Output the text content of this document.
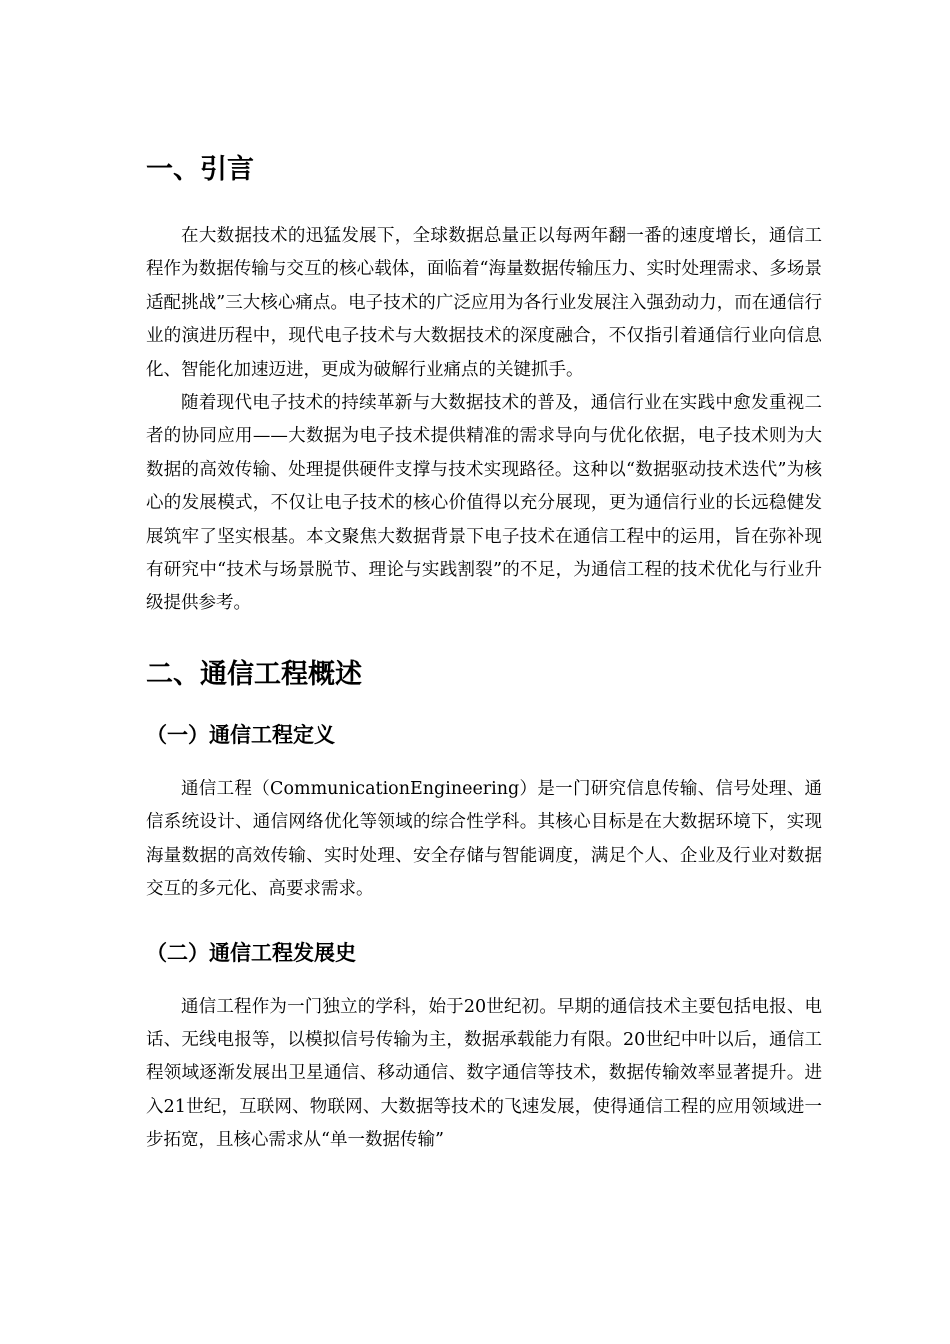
一、引言

在大数据技术的迅猛发展下，全球数据总量正以每两年翻一番的速度增长，通信工程作为数据传输与交互的核心载体，面临着“海量数据传输压力、实时处理需求、多场景适配挑战”三大核心痛点。电子技术的广泛应用为各行业发展注入强劲动力，而在通信行业的演进历程中，现代电子技术与大数据技术的深度融合，不仅指引着通信行业向信息化、智能化加速迈进，更成为破解行业痛点的关键抓手。

随着现代电子技术的持续革新与大数据技术的普及，通信行业在实践中愈发重视二者的协同应用——大数据为电子技术提供精准的需求导向与优化依据，电子技术则为大数据的高效传输、处理提供硬件支撑与技术实现路径。这种以“数据驱动技术迭代”为核心的发展模式，不仅让电子技术的核心价值得以充分展现，更为通信行业的长远稳健发展筑牢了坚实根基。本文聚焦大数据背景下电子技术在通信工程中的运用，旨在弥补现有研究中“技术与场景脱节、理论与实践割裂”的不足，为通信工程的技术优化与行业升级提供参考。

二、通信工程概述
（一）通信工程定义

通信工程（CommunicationEngineering）是一门研究信息传输、信号处理、通信系统设计、通信网络优化等领域的综合性学科。其核心目标是在大数据环境下，实现海量数据的高效传输、实时处理、安全存储与智能调度，满足个人、企业及行业对数据交互的多元化、高要求需求。

（二）通信工程发展史

通信工程作为一门独立的学科，始于20世纪初。早期的通信技术主要包括电报、电话、无线电报等，以模拟信号传输为主，数据承载能力有限。20世纪中叶以后，通信工程领域逐渐发展出卫星通信、移动通信、数字通信等技术，数据传输效率显著提升。进入21世纪，互联网、物联网、大数据等技术的飞速发展，使得通信工程的应用领域进一步拓宽，且核心需求从“单一数据传输”
